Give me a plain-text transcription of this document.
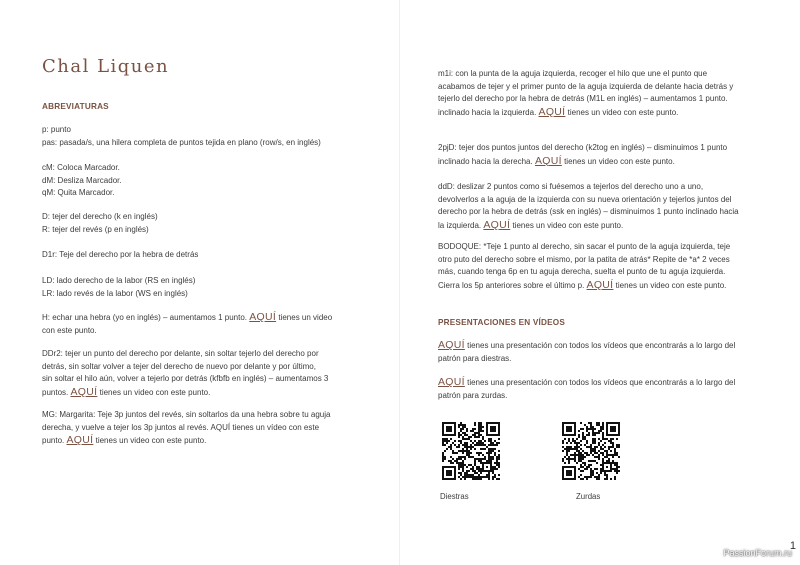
Chal Liquen
ABREVIATURAS
p: punto
pas: pasada/s, una hilera completa de puntos tejida en plano (row/s, en inglés)
cM: Coloca Marcador.
dM: Desliza Marcador.
qM: Quita Marcador.
D: tejer del derecho (k en inglés)
R: tejer del revés (p en inglés)
D1r: Teje del derecho por la hebra de detrás
LD: lado derecho de la labor (RS en inglés)
LR: lado revés de la labor (WS en inglés)
H: echar una hebra (yo en inglés) – aumentamos 1 punto. AQUÍ tienes un video
con este punto.
DDr2: tejer un punto del derecho por delante, sin soltar tejerlo del derecho por
detrás, sin soltar volver a tejer del derecho de nuevo por delante y por último,
sin soltar el hilo aún, volver a tejerlo por detrás (kfbfb en inglés) – aumentamos 3
puntos. AQUÍ tienes un video con este punto.
MG: Margarita: Teje 3p juntos del revés, sin soltarlos da una hebra sobre tu aguja
derecha, y vuelve a tejer los 3p juntos al revés. AQUÍ tienes un vídeo con este
punto. AQUÍ tienes un video con este punto.
m1i: con la punta de la aguja izquierda, recoger el hilo que une el punto que
acabamos de tejer y el primer punto de la aguja izquierda de delante hacia detrás y
tejerlo del derecho por la hebra de detrás (M1L en inglés) – aumentamos 1 punto.
inclinado hacia la izquierda. AQUÍ tienes un video con este punto.
2pjD: tejer dos puntos juntos del derecho (k2tog en inglés) – disminuimos 1 punto
inclinado hacia la derecha. AQUÍ tienes un video con este punto.
ddD: deslizar 2 puntos como si fuésemos a tejerlos del derecho uno a uno,
devolverlos a la aguja de la izquierda con su nueva orientación y tejerlos juntos del
derecho por la hebra de detrás (ssk en inglés) – disminuimos 1 punto inclinado hacia
la izquierda. AQUÍ tienes un video con este punto.
BODOQUE: *Teje 1 punto al derecho, sin sacar el punto de la aguja izquierda, teje
otro puto del derecho sobre el mismo, por la patita de atrás* Repite de *a* 2 veces
más, cuando tenga 6p en tu aguja derecha, suelta el punto de tu aguja izquierda.
Cierra los 5p anteriores sobre el último p. AQUÍ tienes un video con este punto.
PRESENTACIONES EN VÍDEOS
AQUÍ tienes una presentación con todos los vídeos que encontrarás a lo largo del
patrón para diestras.
AQUÍ tienes una presentación con todos los vídeos que encontrarás a lo largo del
patrón para zurdas.
Diestras	Zurdas
1
PassionForum.ru
